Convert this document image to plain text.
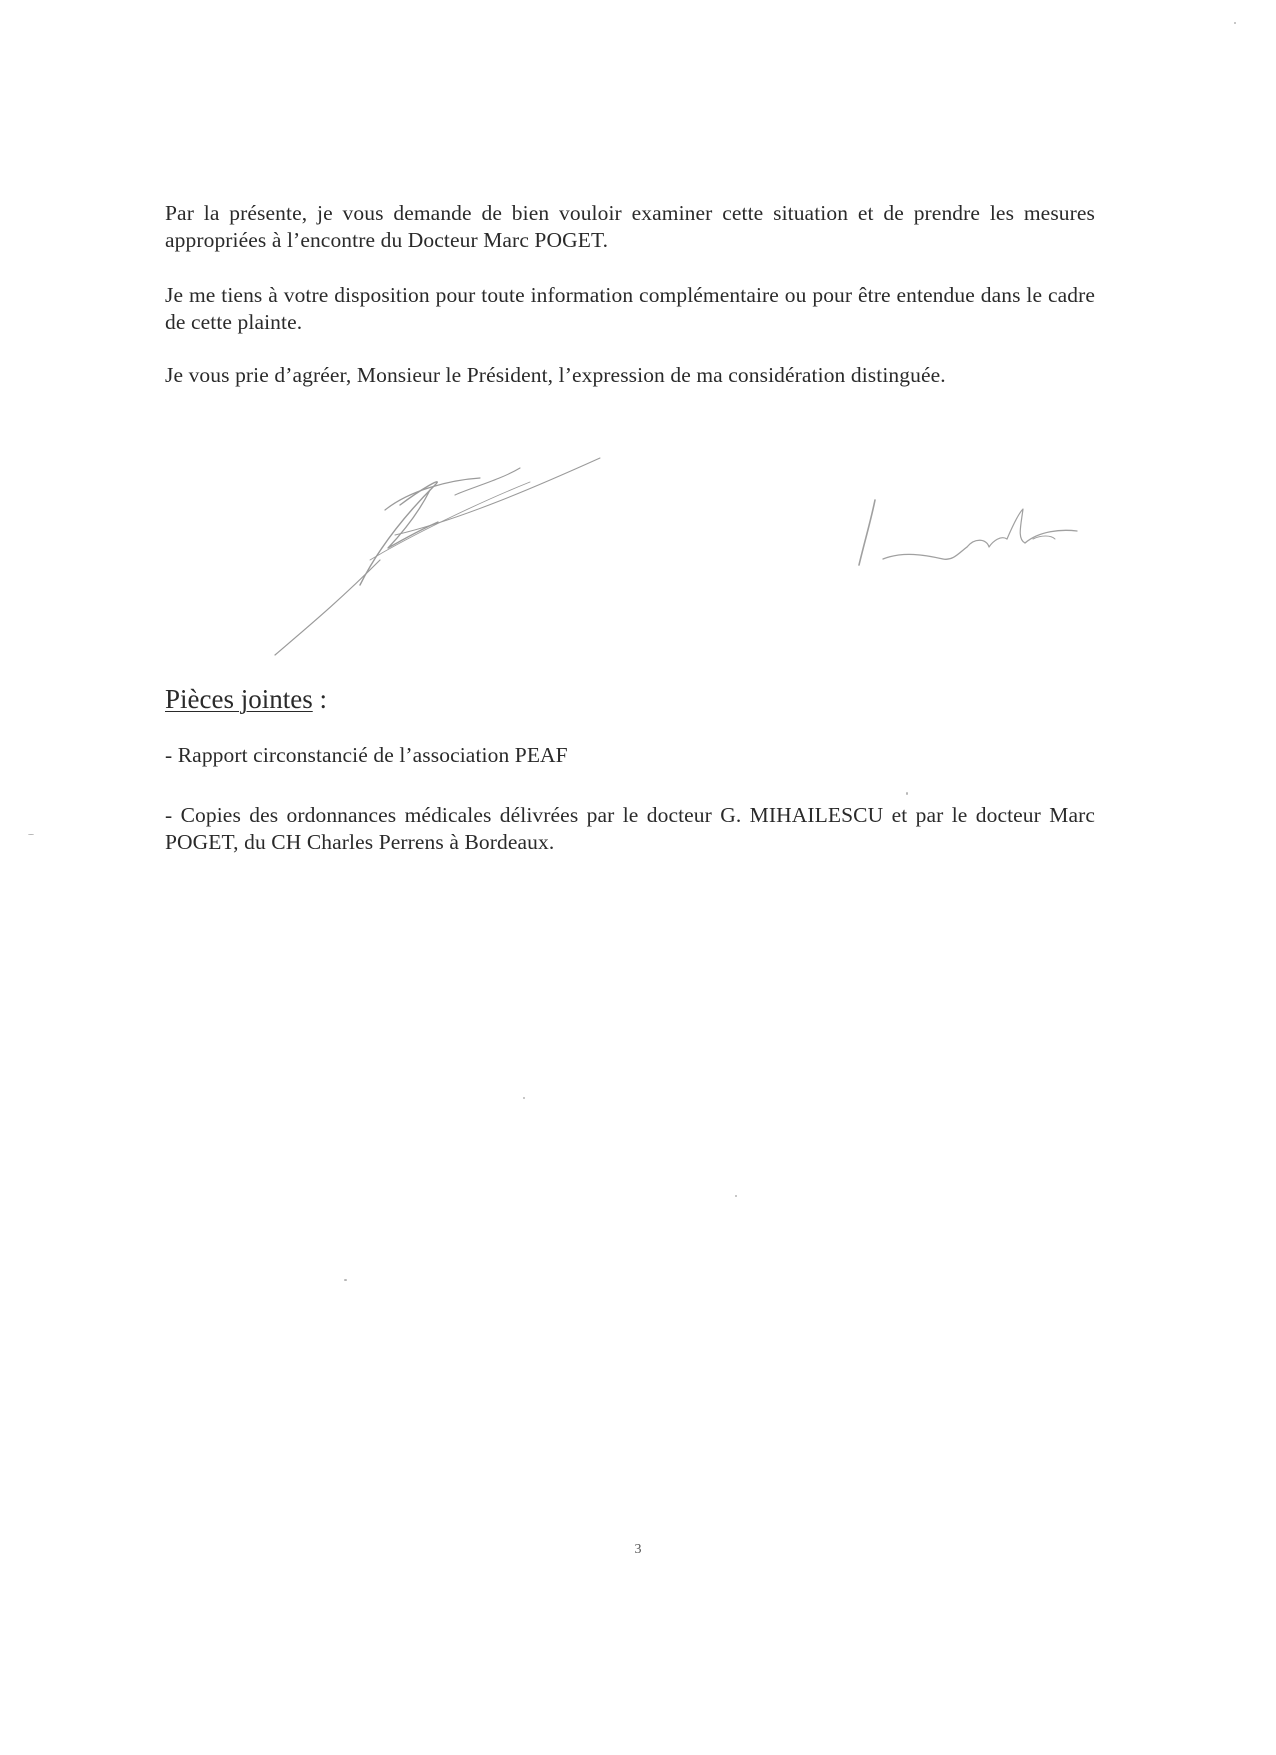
Par la présente, je vous demande de bien vouloir examiner cette situation et de prendre les mesures appropriées à l’encontre du Docteur Marc POGET.

Je me tiens à votre disposition pour toute information complémentaire ou pour être entendue dans le cadre de cette plainte.

Je vous prie d’agréer, Monsieur le Président, l’expression de ma considération distinguée.

Pièces jointes :

- Rapport circonstancié de l’association PEAF

- Copies des ordonnances médicales délivrées par le docteur G. MIHAILESCU et par le docteur Marc POGET, du CH Charles Perrens à Bordeaux.

3
